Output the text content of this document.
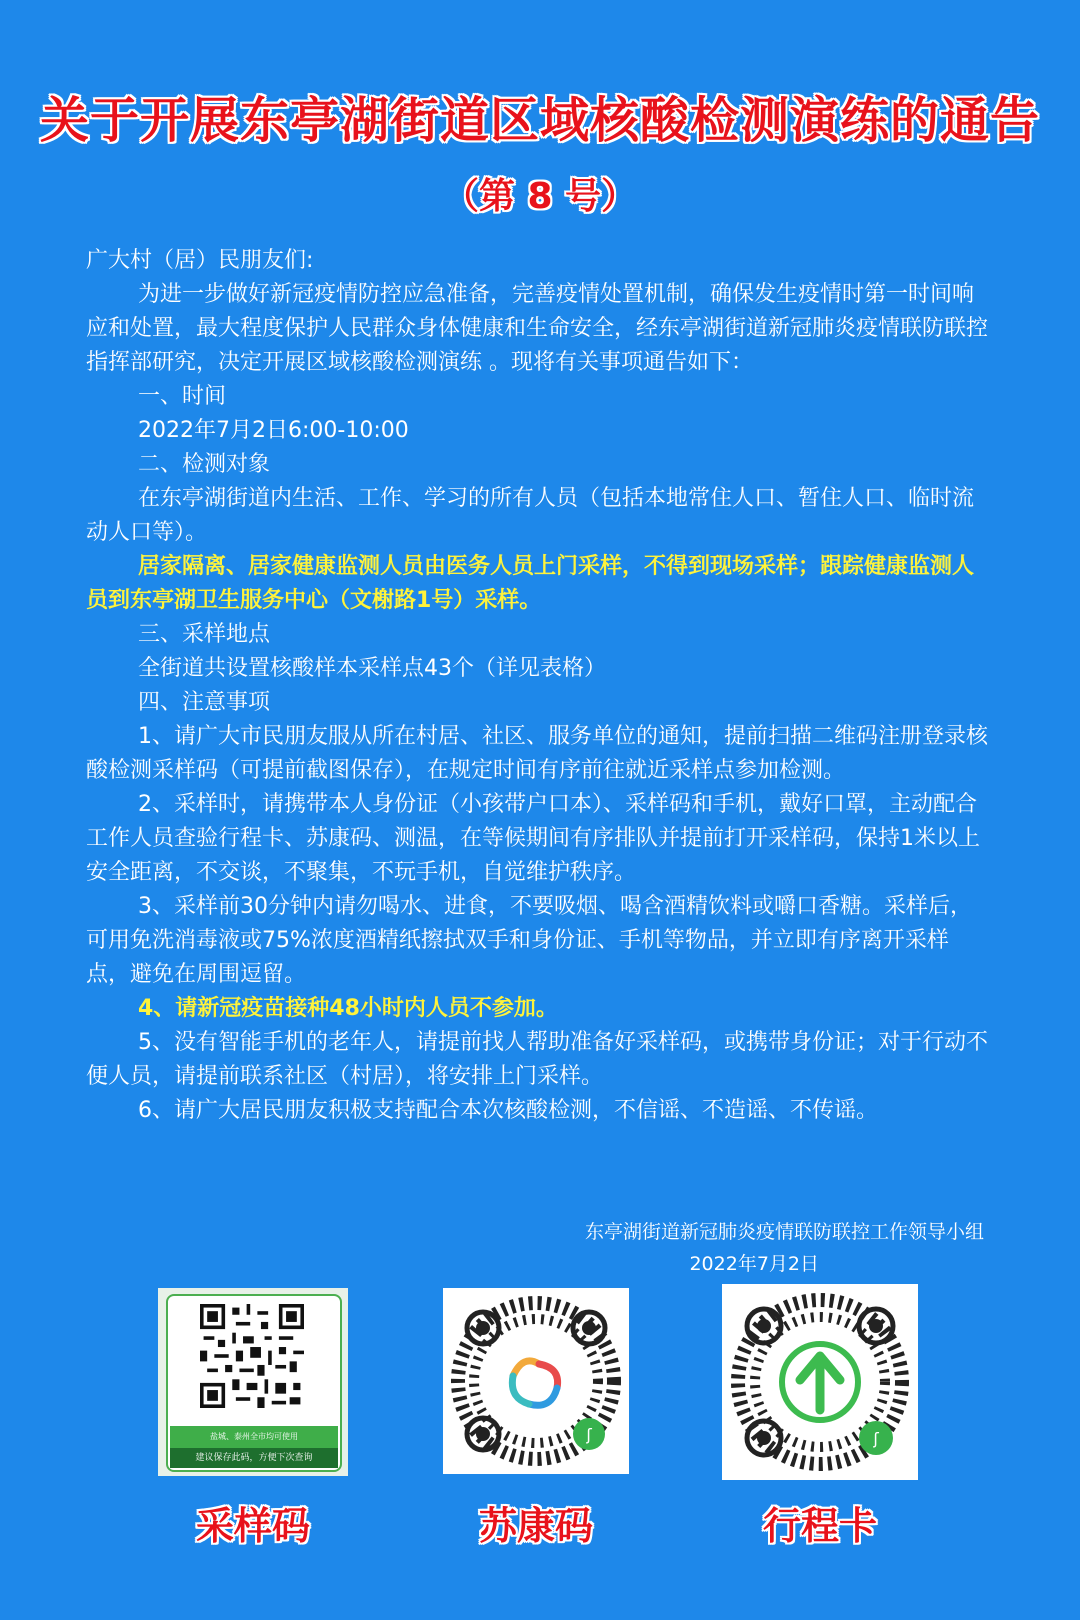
关于开展东亭湖街道区域核酸检测演练的通告
（第 8 号）

广大村（居）民朋友们:

为进一步做好新冠疫情防控应急准备，完善疫情处置机制，确保发生疫情时第一时间响应和处置，最大程度保护人民群众身体健康和生命安全，经东亭湖街道新冠肺炎疫情联防联控指挥部研究，决定开展区域核酸检测演练 。现将有关事项通告如下：

一、时间

2022年7月2日6:00-10:00

二、检测对象

在东亭湖街道内生活、工作、学习的所有人员（包括本地常住人口、暂住人口、临时流动人口等）。

居家隔离、居家健康监测人员由医务人员上门采样，不得到现场采样；跟踪健康监测人员到东亭湖卫生服务中心（文榭路1号）采样。

三、采样地点

全街道共设置核酸样本采样点43个（详见表格）

四、注意事项

1、请广大市民朋友服从所在村居、社区、服务单位的通知，提前扫描二维码注册登录核酸检测采样码（可提前截图保存），在规定时间有序前往就近采样点参加检测。

2、采样时，请携带本人身份证（小孩带户口本）、采样码和手机，戴好口罩，主动配合工作人员查验行程卡、苏康码、测温，在等候期间有序排队并提前打开采样码，保持1米以上安全距离，不交谈，不聚集，不玩手机，自觉维护秩序。

3、采样前30分钟内请勿喝水、进食，不要吸烟、喝含酒精饮料或嚼口香糖。采样后，可用免洗消毒液或75%浓度酒精纸擦拭双手和身份证、手机等物品，并立即有序离开采样点，避免在周围逗留。

4、请新冠疫苗接种48小时内人员不参加。

5、没有智能手机的老年人，请提前找人帮助准备好采样码，或携带身份证；对于行动不便人员，请提前联系社区（村居），将安排上门采样。

6、请广大居民朋友积极支持配合本次核酸检测，不信谣、不造谣、不传谣。

东亭湖街道新冠肺炎疫情联防联控工作领导小组
2022年7月2日
盐城、泰州全市均可使用
建议保存此码，方便下次查询
采样码
ʃ
苏康码
ʃ
行程卡
